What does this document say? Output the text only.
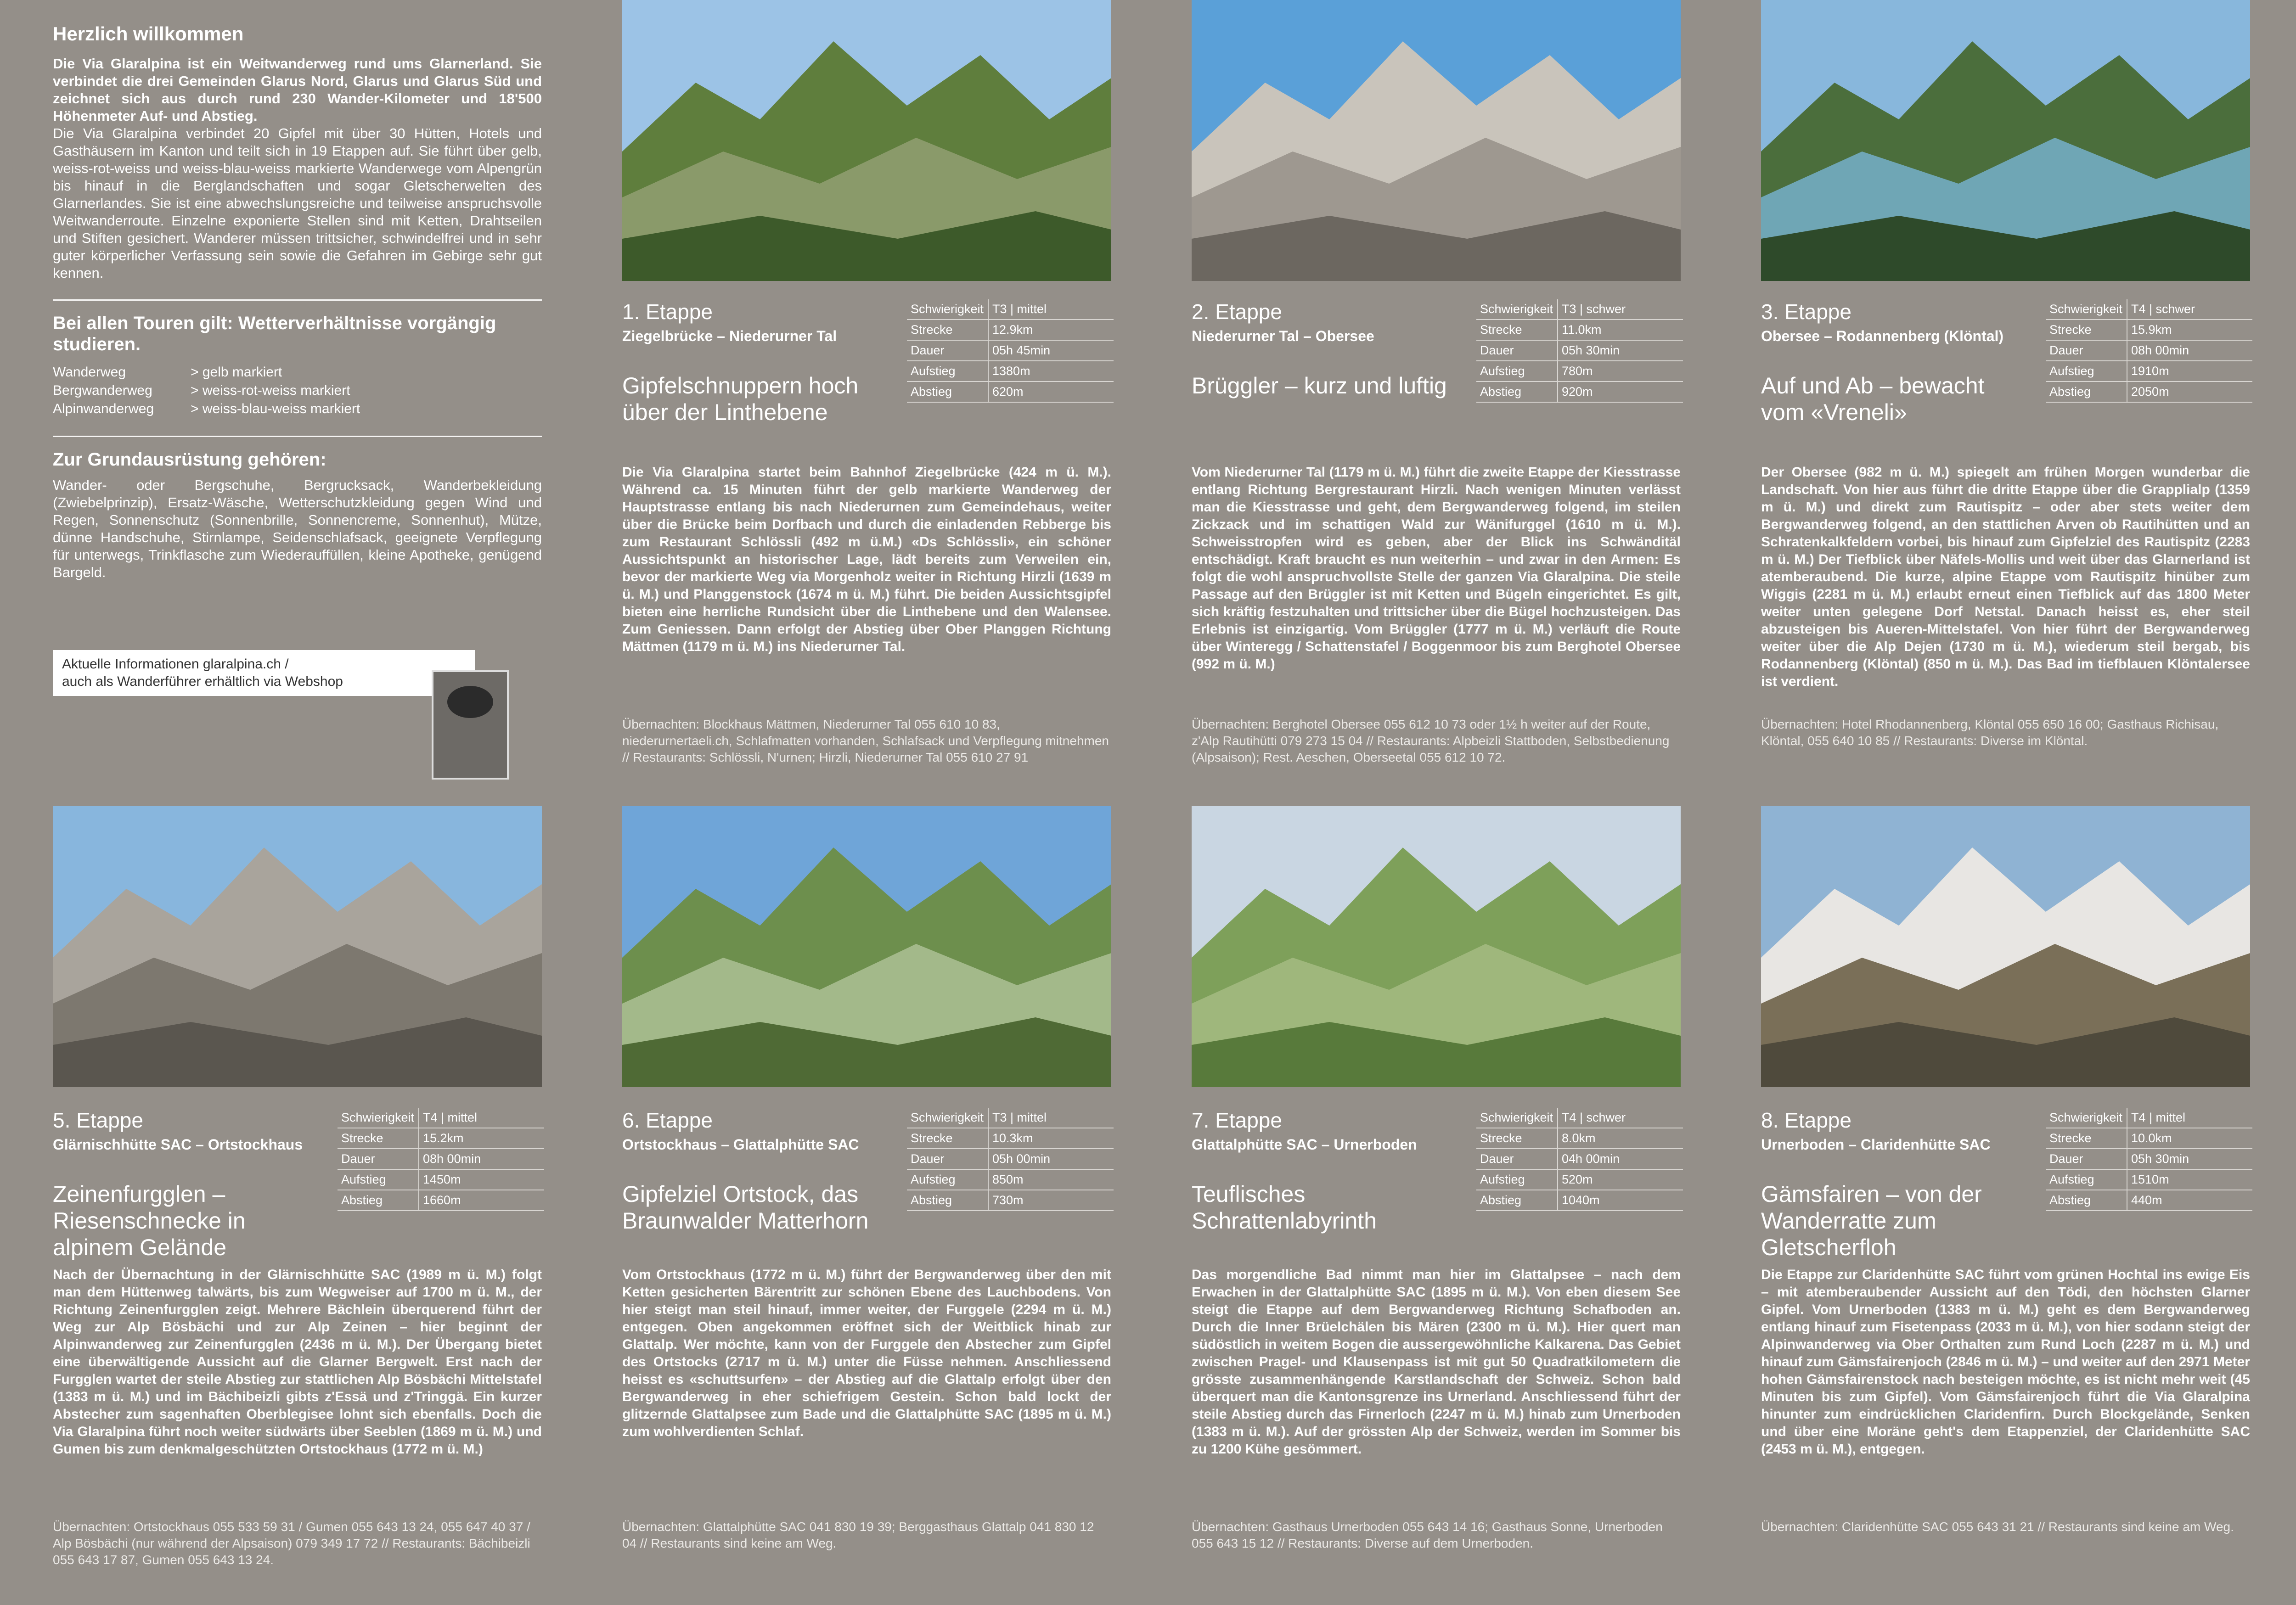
Herzlich willkommen

Die Via Glaralpina ist ein Weitwanderweg rund ums Glarnerland. Sie verbindet die drei Gemeinden Glarus Nord, Glarus und Glarus Süd und zeichnet sich aus durch rund 230 Wander-Kilometer und 18'500 Höhenmeter Auf- und Abstieg.

Die Via Glaralpina verbindet 20 Gipfel mit über 30 Hütten, Hotels und Gasthäusern im Kanton und teilt sich in 19 Etappen auf. Sie führt über gelb, weiss-rot-weiss und weiss-blau-weiss markierte Wanderwege vom Alpengrün bis hinauf in die Berglandschaften und sogar Gletscherwelten des Glarnerlandes. Sie ist eine abwechslungsreiche und teilweise anspruchsvolle Weitwanderroute. Einzelne exponierte Stellen sind mit Ketten, Drahtseilen und Stiften gesichert. Wanderer müssen trittsicher, schwindelfrei und in sehr guter körperlicher Verfassung sein sowie die Gefahren im Gebirge sehr gut kennen.

Bei allen Touren gilt: Wetterverhältnisse vorgängig studieren.
Wanderweg	> gelb markiert
Bergwanderweg	> weiss-rot-weiss markiert
Alpinwanderweg	> weiss-blau-weiss markiert
Zur Grundausrüstung gehören:

Wander- oder Bergschuhe, Bergrucksack, Wanderbekleidung (Zwiebelprinzip), Ersatz-Wäsche, Wetterschutzkleidung gegen Wind und Regen, Sonnenschutz (Sonnenbrille, Sonnencreme, Sonnenhut), Mütze, dünne Handschuhe, Stirnlampe, Seidenschlafsack, geeignete Verpflegung für unterwegs, Trinkflasche zum Wiederauffüllen, kleine Apotheke, genügend Bargeld.

Aktuelle Informationen glaralpina.ch /
auch als Wanderführer erhältlich via Webshop
1. Etappe
Ziegelbrücke – Niederurner Tal
Gipfelschnuppern hoch über der Linthebene
Schwierigkeit	T3 | mittel
Strecke	12.9km
Dauer	05h 45min
Aufstieg	1380m
Abstieg	620m
Die Via Glaralpina startet beim Bahnhof Ziegelbrücke (424 m ü. M.). Während ca. 15 Minuten führt der gelb markierte Wanderweg der Hauptstrasse entlang bis nach Niederurnen zum Gemeindehaus, weiter über die Brücke beim Dorfbach und durch die einladenden Rebberge bis zum Restaurant Schlössli (492 m ü.M.) «Ds Schlössli», ein schöner Aussichtspunkt an historischer Lage, lädt bereits zum Verweilen ein, bevor der markierte Weg via Morgenholz weiter in Richtung Hirzli (1639 m ü. M.) und Planggenstock (1674 m ü. M.) führt. Die beiden Aussichtsgipfel bieten eine herrliche Rundsicht über die Linthebene und den Walensee. Zum Geniessen. Dann erfolgt der Abstieg über Ober Planggen Richtung Mättmen (1179 m ü. M.) ins Niederurner Tal.
Übernachten: Blockhaus Mättmen, Niederurner Tal 055 610 10 83, niederurnertaeli.ch, Schlafmatten vorhanden, Schlafsack und Verpflegung mitnehmen // Restaurants: Schlössli, N'urnen; Hirzli, Niederurner Tal 055 610 27 91
2. Etappe
Niederurner Tal – Obersee
Brüggler – kurz und luftig
Schwierigkeit	T3 | schwer
Strecke	11.0km
Dauer	05h 30min
Aufstieg	780m
Abstieg	920m
Vom Niederurner Tal (1179 m ü. M.) führt die zweite Etappe der Kiesstrasse entlang Richtung Bergrestaurant Hirzli. Nach wenigen Minuten verlässt man die Kiesstrasse und geht, dem Bergwanderweg folgend, im steilen Zickzack und im schattigen Wald zur Wänifurggel (1610 m ü. M.). Schweisstropfen wird es geben, aber der Blick ins Schwänditäl entschädigt. Kraft braucht es nun weiterhin – und zwar in den Armen: Es folgt die wohl anspruchvollste Stelle der ganzen Via Glaralpina. Die steile Passage auf den Brüggler ist mit Ketten und Bügeln eingerichtet. Es gilt, sich kräftig festzuhalten und trittsicher über die Bügel hochzusteigen. Das Erlebnis ist einzigartig. Vom Brüggler (1777 m ü. M.) verläuft die Route über Winteregg / Schattenstafel / Boggenmoor bis zum Berghotel Obersee (992 m ü. M.)
Übernachten: Berghotel Obersee 055 612 10 73 oder 1½ h weiter auf der Route, z'Alp Rautihütti 079 273 15 04 // Restaurants: Alpbeizli Stattboden, Selbstbedienung (Alpsaison); Rest. Aeschen, Oberseetal 055 612 10 72.
3. Etappe
Obersee – Rodannenberg (Klöntal)
Auf und Ab – bewacht vom «Vreneli»
Schwierigkeit	T4 | schwer
Strecke	15.9km
Dauer	08h 00min
Aufstieg	1910m
Abstieg	2050m
Der Obersee (982 m ü. M.) spiegelt am frühen Morgen wunderbar die Landschaft. Von hier aus führt die dritte Etappe über die Grapplialp (1359 m ü. M.) und direkt zum Rautispitz – oder aber stets weiter dem Bergwanderweg folgend, an den stattlichen Arven ob Rautihütten und an Schratenkalkfeldern vorbei, bis hinauf zum Gipfelziel des Rautispitz (2283 m ü. M.) Der Tiefblick über Näfels-Mollis und weit über das Glarnerland ist atemberaubend. Die kurze, alpine Etappe vom Rautispitz hinüber zum Wiggis (2281 m ü. M.) erlaubt erneut einen Tiefblick auf das 1800 Meter weiter unten gelegene Dorf Netstal. Danach heisst es, eher steil abzusteigen bis Aueren-Mittelstafel. Von hier führt der Bergwanderweg weiter über die Alp Dejen (1730 m ü. M.), wiederum steil bergab, bis Rodannenberg (Klöntal) (850 m ü. M.). Das Bad im tiefblauen Klöntalersee ist verdient.
Übernachten: Hotel Rhodannenberg, Klöntal 055 650 16 00; Gasthaus Richisau, Klöntal, 055 640 10 85 // Restaurants: Diverse im Klöntal.

5. Etappe
Glärnischhütte SAC – Ortstockhaus
Zeinenfurgglen – Riesenschnecke in alpinem Gelände
Schwierigkeit	T4 | mittel
Strecke	15.2km
Dauer	08h 00min
Aufstieg	1450m
Abstieg	1660m
Nach der Übernachtung in der Glärnischhütte SAC (1989 m ü. M.) folgt man dem Hüttenweg talwärts, bis zum Wegweiser auf 1700 m ü. M., der Richtung Zeinenfurgglen zeigt. Mehrere Bächlein überquerend führt der Weg zur Alp Bösbächi und zur Alp Zeinen – hier beginnt der Alpinwanderweg zur Zeinenfurgglen (2436 m ü. M.). Der Übergang bietet eine überwältigende Aussicht auf die Glarner Bergwelt. Erst nach der Furgglen wartet der steile Abstieg zur stattlichen Alp Bösbächi Mittelstafel (1383 m ü. M.) und im Bächibeizli gibts z'Essä und z'Tringgä. Ein kurzer Abstecher zum sagenhaften Oberblegisee lohnt sich ebenfalls. Doch die Via Glaralpina führt noch weiter südwärts über Seeblen (1869 m ü. M.) und Gumen bis zum denkmalgeschützten Ortstockhaus (1772 m ü. M.)
Übernachten: Ortstockhaus 055 533 59 31 / Gumen 055 643 13 24, 055 647 40 37 / Alp Bösbächi (nur während der Alpsaison) 079 349 17 72 // Restaurants: Bächibeizli 055 643 17 87, Gumen 055 643 13 24.
6. Etappe
Ortstockhaus – Glattalphütte SAC
Gipfelziel Ortstock, das Braunwalder Matterhorn
Schwierigkeit	T3 | mittel
Strecke	10.3km
Dauer	05h 00min
Aufstieg	850m
Abstieg	730m
Vom Ortstockhaus (1772 m ü. M.) führt der Bergwanderweg über den mit Ketten gesicherten Bärentritt zur schönen Ebene des Lauchbodens. Von hier steigt man steil hinauf, immer weiter, der Furggele (2294 m ü. M.) entgegen. Oben angekommen eröffnet sich der Weitblick hinab zur Glattalp. Wer möchte, kann von der Furggele den Abstecher zum Gipfel des Ortstocks (2717 m ü. M.) unter die Füsse nehmen. Anschliessend heisst es «schuttsurfen» – der Abstieg auf die Glattalp erfolgt über den Bergwanderweg in eher schiefrigem Gestein. Schon bald lockt der glitzernde Glattalpsee zum Bade und die Glattalphütte SAC (1895 m ü. M.) zum wohlverdienten Schlaf.
Übernachten: Glattalphütte SAC 041 830 19 39; Berggasthaus Glattalp 041 830 12 04 // Restaurants sind keine am Weg.
7. Etappe
Glattalphütte SAC – Urnerboden
Teuflisches Schrattenlabyrinth
Schwierigkeit	T4 | schwer
Strecke	8.0km
Dauer	04h 00min
Aufstieg	520m
Abstieg	1040m
Das morgendliche Bad nimmt man hier im Glattalpsee – nach dem Erwachen in der Glattalphütte SAC (1895 m ü. M.). Von eben diesem See steigt die Etappe auf dem Bergwanderweg Richtung Schafboden an. Durch die Inner Brüelchälen bis Mären (2300 m ü. M.). Hier quert man südöstlich in weitem Bogen die aussergewöhnliche Kalkarena. Das Gebiet zwischen Pragel- und Klausenpass ist mit gut 50 Quadratkilometern die grösste zusammenhängende Karstlandschaft der Schweiz. Schon bald überquert man die Kantonsgrenze ins Urnerland. Anschliessend führt der steile Abstieg durch das Firnerloch (2247 m ü. M.) hinab zum Urnerboden (1383 m ü. M.). Auf der grössten Alp der Schweiz, werden im Sommer bis zu 1200 Kühe gesömmert.
Übernachten: Gasthaus Urnerboden 055 643 14 16; Gasthaus Sonne, Urnerboden 055 643 15 12 // Restaurants: Diverse auf dem Urnerboden.
8. Etappe
Urnerboden – Claridenhütte SAC
Gämsfairen – von der Wanderratte zum Gletscherfloh
Schwierigkeit	T4 | mittel
Strecke	10.0km
Dauer	05h 30min
Aufstieg	1510m
Abstieg	440m
Die Etappe zur Claridenhütte SAC führt vom grünen Hochtal ins ewige Eis – mit atemberaubender Aussicht auf den Tödi, den höchsten Glarner Gipfel. Vom Urnerboden (1383 m ü. M.) geht es dem Bergwanderweg entlang hinauf zum Fisetenpass (2033 m ü. M.), von hier sodann steigt der Alpinwanderweg via Ober Orthalten zum Rund Loch (2287 m ü. M.) und hinauf zum Gämsfairenjoch (2846 m ü. M.) – und weiter auf den 2971 Meter hohen Gämsfairenstock nach besteigen möchte, es ist nicht mehr weit (45 Minuten bis zum Gipfel). Vom Gämsfairenjoch führt die Via Glaralpina hinunter zum eindrücklichen Claridenfirn. Durch Blockgelände, Senken und über eine Moräne geht's dem Etappenziel, der Claridenhütte SAC (2453 m ü. M.), entgegen.
Übernachten: Claridenhütte SAC 055 643 31 21 // Restaurants sind keine am Weg.
